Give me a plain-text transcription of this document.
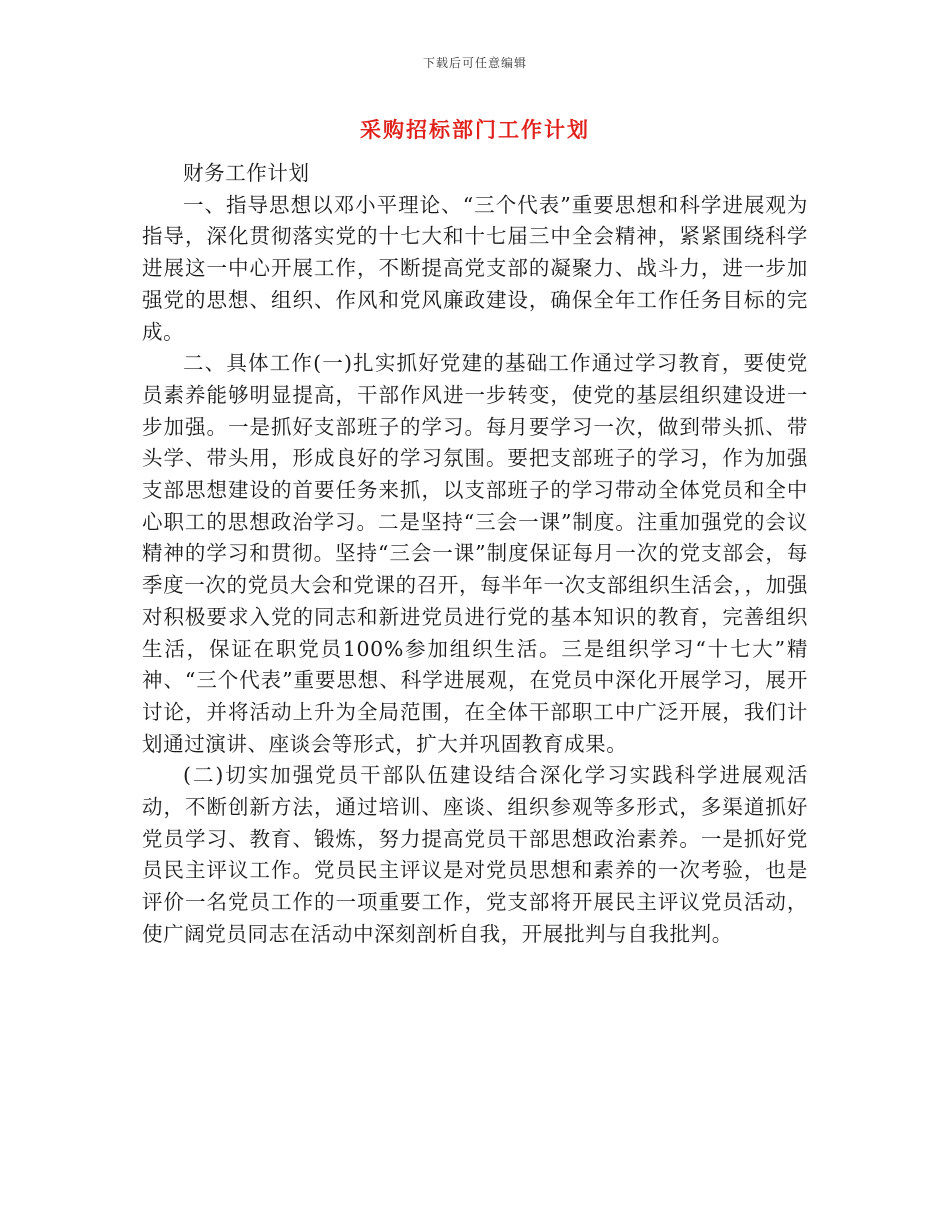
下载后可任意编辑
采购招标部门工作计划

财务工作计划

一、指导思想以邓小平理论、“三个代表”重要思想和科学进展观为指导，深化贯彻落实党的十七大和十七届三中全会精神，紧紧围绕科学进展这一中心开展工作，不断提高党支部的凝聚力、战斗力，进一步加强党的思想、组织、作风和党风廉政建设，确保全年工作任务目标的完成。

二、具体工作(一)扎实抓好党建的基础工作通过学习教育，要使党员素养能够明显提高，干部作风进一步转变，使党的基层组织建设进一步加强。一是抓好支部班子的学习。每月要学习一次，做到带头抓、带头学、带头用，形成良好的学习氛围。要把支部班子的学习，作为加强支部思想建设的首要任务来抓，以支部班子的学习带动全体党员和全中心职工的思想政治学习。二是坚持“三会一课”制度。注重加强党的会议精神的学习和贯彻。坚持“三会一课”制度保证每月一次的党支部会，每季度一次的党员大会和党课的召开，每半年一次支部组织生活会，，加强对积极要求入党的同志和新进党员进行党的基本知识的教育，完善组织生活，保证在职党员100%参加组织生活。三是组织学习“十七大”精神、“三个代表”重要思想、科学进展观，在党员中深化开展学习，展开讨论，并将活动上升为全局范围，在全体干部职工中广泛开展，我们计划通过演讲、座谈会等形式，扩大并巩固教育成果。

(二)切实加强党员干部队伍建设结合深化学习实践科学进展观活动，不断创新方法，通过培训、座谈、组织参观等多形式，多渠道抓好党员学习、教育、锻炼，努力提高党员干部思想政治素养。一是抓好党员民主评议工作。党员民主评议是对党员思想和素养的一次考验，也是评价一名党员工作的一项重要工作，党支部将开展民主评议党员活动，使广阔党员同志在活动中深刻剖析自我，开展批判与自我批判。
